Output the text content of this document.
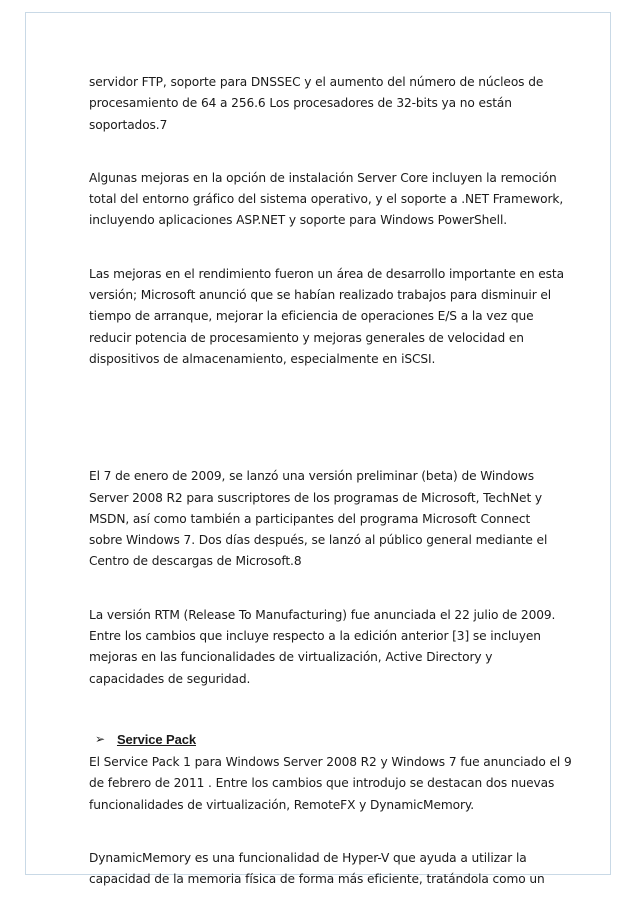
servidor FTP, soporte para DNSSEC y el aumento del número de núcleos de

procesamiento de 64 a 256.6 Los procesadores de 32-bits ya no están

soportados.7

Algunas mejoras en la opción de instalación Server Core incluyen la remoción

total del entorno gráfico del sistema operativo, y el soporte a .NET Framework,

incluyendo aplicaciones ASP.NET y soporte para Windows PowerShell.

Las mejoras en el rendimiento fueron un área de desarrollo importante en esta

versión; Microsoft anunció que se habían realizado trabajos para disminuir el

tiempo de arranque, mejorar la eficiencia de operaciones E/S a la vez que

reducir potencia de procesamiento y mejoras generales de velocidad en

dispositivos de almacenamiento, especialmente en iSCSI.

El 7 de enero de 2009, se lanzó una versión preliminar (beta) de Windows

Server 2008 R2 para suscriptores de los programas de Microsoft, TechNet y

MSDN, así como también a participantes del programa Microsoft Connect

sobre Windows 7. Dos días después, se lanzó al público general mediante el

Centro de descargas de Microsoft.8

La versión RTM (Release To Manufacturing) fue anunciada el 22 julio de 2009.

Entre los cambios que incluye respecto a la edición anterior [3] se incluyen

mejoras en las funcionalidades de virtualización, Active Directory y

capacidades de seguridad.

➢ Service Pack

El Service Pack 1 para Windows Server 2008 R2 y Windows 7 fue anunciado el 9

de febrero de 2011 . Entre los cambios que introdujo se destacan dos nuevas

funcionalidades de virtualización, RemoteFX y DynamicMemory.

DynamicMemory es una funcionalidad de Hyper-V que ayuda a utilizar la

capacidad de la memoria física de forma más eficiente, tratándola como un
